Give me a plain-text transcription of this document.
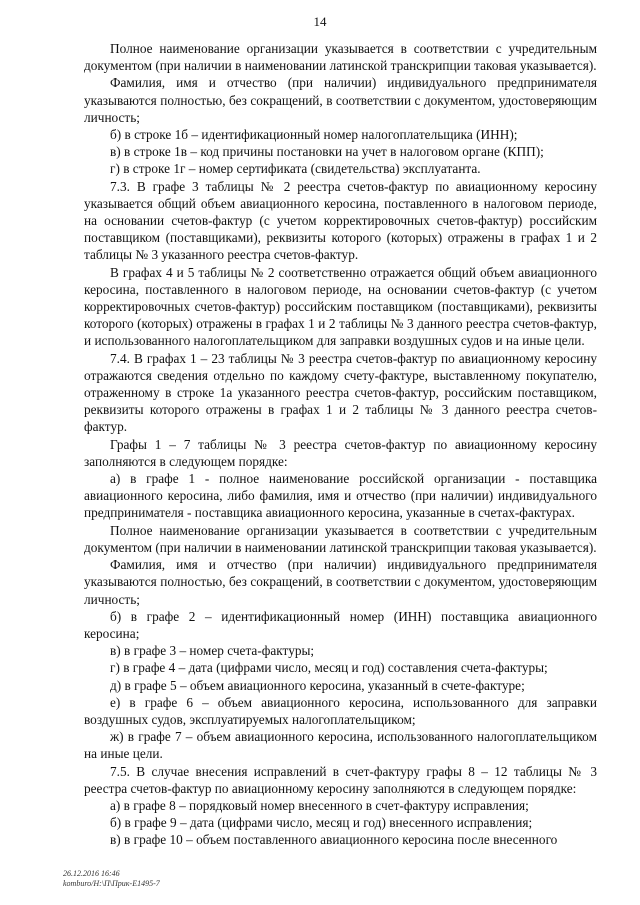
14

Полное наименование организации указывается в соответствии с учредительным документом (при наличии в наименовании латинской транскрипции таковая указывается).

Фамилия, имя и отчество (при наличии) индивидуального предпринимателя указываются полностью, без сокращений, в соответствии с документом, удостоверяющим личность;

б) в строке 1б – идентификационный номер налогоплательщика (ИНН);

в) в строке 1в – код причины постановки на учет в налоговом органе (КПП);

г) в строке 1г – номер сертификата (свидетельства) эксплуатанта.

7.3. В графе 3 таблицы № 2 реестра счетов-фактур по авиационному керосину указывается общий объем авиационного керосина, поставленного в налоговом периоде, на основании счетов-фактур (с учетом корректировочных счетов-фактур) российским поставщиком (поставщиками), реквизиты которого (которых) отражены в графах 1 и 2 таблицы № 3 указанного реестра счетов-фактур.

В графах 4 и 5 таблицы № 2 соответственно отражается общий объем авиационного керосина, поставленного в налоговом периоде, на основании счетов-фактур (с учетом корректировочных счетов-фактур) российским поставщиком (поставщиками), реквизиты которого (которых) отражены в графах 1 и 2 таблицы № 3 данного реестра счетов-фактур, и использованного налогоплательщиком для заправки воздушных судов и на иные цели.

7.4. В графах 1 – 23 таблицы № 3 реестра счетов-фактур по авиационному керосину отражаются сведения отдельно по каждому счету-фактуре, выставленному покупателю, отраженному в строке 1а указанного реестра счетов-фактур, российским поставщиком, реквизиты которого отражены в графах 1 и 2 таблицы № 3 данного реестра счетов-фактур.

Графы 1 – 7 таблицы № 3 реестра счетов-фактур по авиационному керосину заполняются в следующем порядке:

а) в графе 1 - полное наименование российской организации - поставщика авиационного керосина, либо фамилия, имя и отчество (при наличии) индивидуального предпринимателя - поставщика авиационного керосина, указанные в счетах-фактурах.

Полное наименование организации указывается в соответствии с учредительным документом (при наличии в наименовании латинской транскрипции таковая указывается).

Фамилия, имя и отчество (при наличии) индивидуального предпринимателя указываются полностью, без сокращений, в соответствии с документом, удостоверяющим личность;

б) в графе 2 – идентификационный номер (ИНН) поставщика авиационного керосина;

в) в графе 3 – номер счета-фактуры;

г) в графе 4 – дата (цифрами число, месяц и год) составления счета-фактуры;

д) в графе 5 – объем авиационного керосина, указанный в счете-фактуре;

е) в графе 6 – объем авиационного керосина, использованного для заправки воздушных судов, эксплуатируемых налогоплательщиком;

ж) в графе 7 – объем авиационного керосина, использованного налогоплательщиком на иные цели.

7.5. В случае внесения исправлений в счет-фактуру графы 8 – 12 таблицы № 3 реестра счетов-фактур по авиационному керосину заполняются в следующем порядке:

а) в графе 8 – порядковый номер внесенного в счет-фактуру исправления;

б) в графе 9 – дата (цифрами число, месяц и год) внесенного исправления;

в) в графе 10 – объем поставленного авиационного керосина после внесенного

26.12.2016 16:46
komburo/Н:\П\Прик-Е1495-7
